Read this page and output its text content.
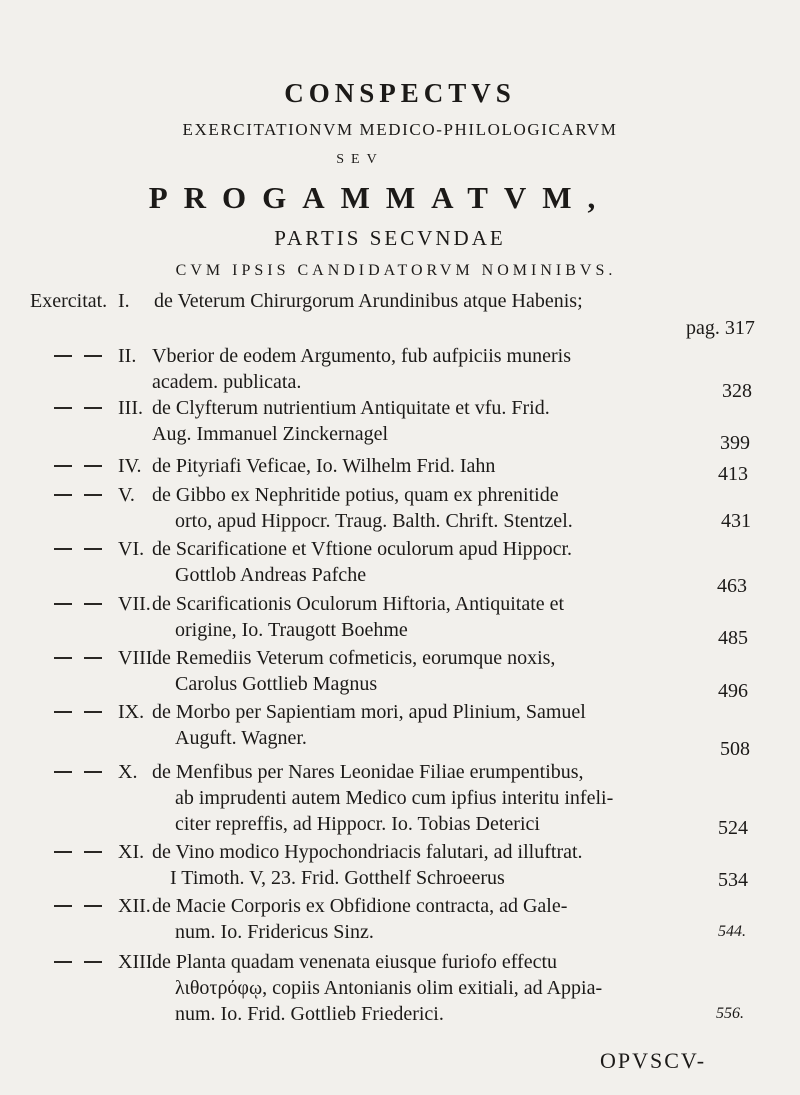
CONSPECTVS
EXERCITATIONVM MEDICO-PHILOLOGICARVM
SEV
PROGAMMATVM,
PARTIS SECVNDAE
CVM IPSIS CANDIDATORVM NOMINIBVS.
Exercitat. I. de Veterum Chirurgorum Arundinibus atque Habenis;
pag. 317
II. Vberior de eodem Argumento, fub aufpiciis muneris
academ. publicata.	328
III. de Clyfterum nutrientium Antiquitate et vfu. Frid.
Aug. Immanuel Zinckernagel	399
IV. de Pityriafi Veficae, Io. Wilhelm Frid. Iahn	413
V. de Gibbo ex Nephritide potius, quam ex phrenitide
orto, apud Hippocr. Traug. Balth. Chrift. Stentzel.	431
VI. de Scarificatione et Vftione oculorum apud Hippocr.
Gottlob Andreas Pafche	463
VII. de Scarificationis Oculorum Hiftoria, Antiquitate et
origine, Io. Traugott Boehme	485
VIII.
de Remediis Veterum cofmeticis, eorumque noxis,
Carolus Gottlieb Magnus	496
IX. de Morbo per Sapientiam mori, apud Plinium, Samuel
Auguft. Wagner.	508
X. de Menfibus per Nares Leonidae Filiae erumpentibus,
ab imprudenti autem Medico cum ipfius interitu infeli-
citer repreffis, ad Hippocr. Io. Tobias Deterici	524
XI. de Vino modico Hypochondriacis falutari, ad illuftrat.
I Timoth. V, 23. Frid. Gotthelf Schroeerus	534
XII. de Macie Corporis ex Obfidione contracta, ad Gale-
num. Io. Fridericus Sinz.	544.
XIII.
de Planta quadam venenata eiusque furiofo effectu
λιθοτρόφῳ, copiis Antonianis olim exitiali, ad Appia-
num. Io. Frid. Gottlieb Friederici.	556.
OPVSCV-
